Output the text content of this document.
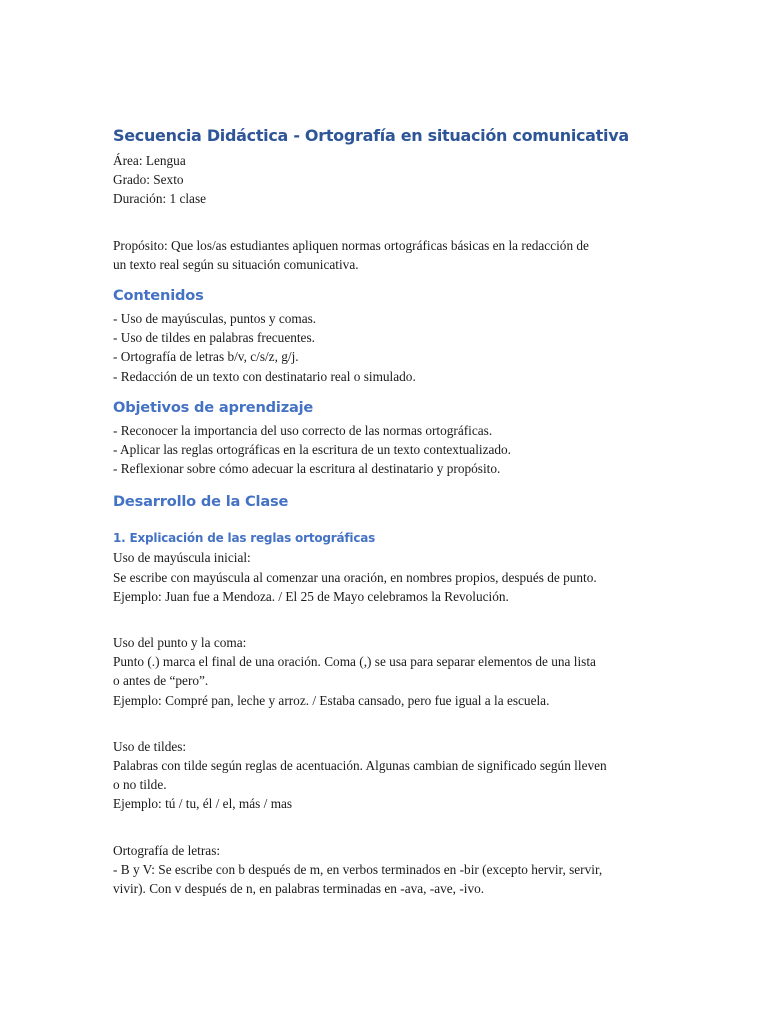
Secuencia Didáctica - Ortografía en situación comunicativa

Área: Lengua

Grado: Sexto

Duración: 1 clase

Propósito: Que los/as estudiantes apliquen normas ortográficas básicas en la redacción de

un texto real según su situación comunicativa.

Contenidos

- Uso de mayúsculas, puntos y comas.

- Uso de tildes en palabras frecuentes.

- Ortografía de letras b/v, c/s/z, g/j.

- Redacción de un texto con destinatario real o simulado.

Objetivos de aprendizaje

- Reconocer la importancia del uso correcto de las normas ortográficas.

- Aplicar las reglas ortográficas en la escritura de un texto contextualizado.

- Reflexionar sobre cómo adecuar la escritura al destinatario y propósito.

Desarrollo de la Clase
1. Explicación de las reglas ortográficas

Uso de mayúscula inicial:

Se escribe con mayúscula al comenzar una oración, en nombres propios, después de punto.

Ejemplo: Juan fue a Mendoza. / El 25 de Mayo celebramos la Revolución.

Uso del punto y la coma:

Punto (.) marca el final de una oración. Coma (,) se usa para separar elementos de una lista

o antes de “pero”.

Ejemplo: Compré pan, leche y arroz. / Estaba cansado, pero fue igual a la escuela.

Uso de tildes:

Palabras con tilde según reglas de acentuación. Algunas cambian de significado según lleven

o no tilde.

Ejemplo: tú / tu, él / el, más / mas

Ortografía de letras:

- B y V: Se escribe con b después de m, en verbos terminados en -bir (excepto hervir, servir,

vivir). Con v después de n, en palabras terminadas en -ava, -ave, -ivo.
